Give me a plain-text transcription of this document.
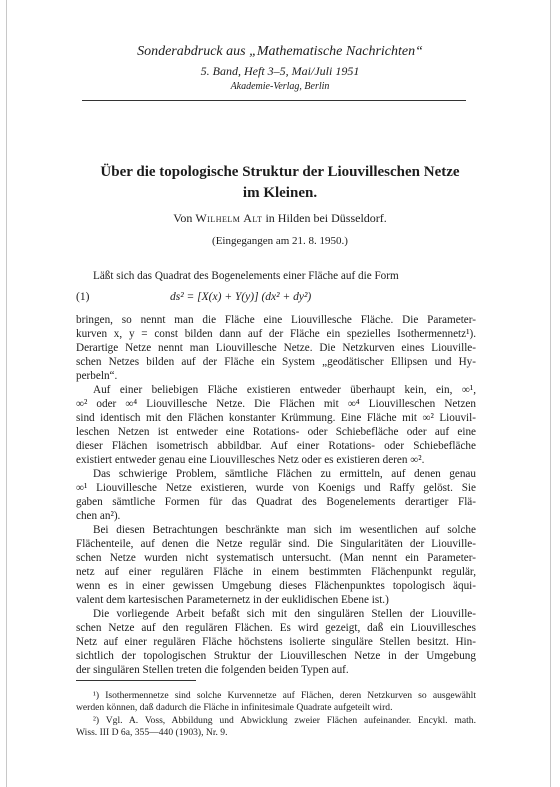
Sonderabdruck aus „Mathematische Nachrichten“
5. Band, Heft 3–5, Mai/Juli 1951
Akademie-Verlag, Berlin
Über die topologische Struktur der Liouvilleschen Netze
im Kleinen.
Von Wilhelm Alt in Hilden bei Düsseldorf.
(Eingegangen am 21. 8. 1950.)
Läßt sich das Quadrat des Bogenelements einer Fläche auf die Form
(1)	ds² = [X(x) + Y(y)] (dx² + dy²)
bringen, so nennt man die Fläche eine Liouvillesche Fläche. Die Parameter-
kurven x, y = const bilden dann auf der Fläche ein spezielles Isothermennetz¹).
Derartige Netze nennt man Liouvillesche Netze. Die Netzkurven eines Liouville-
schen Netzes bilden auf der Fläche ein System „geodätischer Ellipsen und Hy-
perbeln“.
Auf einer beliebigen Fläche existieren entweder überhaupt kein, ein, ∞¹,
∞² oder ∞⁴ Liouvillesche Netze. Die Flächen mit ∞⁴ Liouvilleschen Netzen
sind identisch mit den Flächen konstanter Krümmung. Eine Fläche mit ∞² Liouvil-
leschen Netzen ist entweder eine Rotations- oder Schiebefläche oder auf eine
dieser Flächen isometrisch abbildbar. Auf einer Rotations- oder Schiebefläche
existiert entweder genau eine Liouvillesches Netz oder es existieren deren ∞².
Das schwierige Problem, sämtliche Flächen zu ermitteln, auf denen genau
∞¹ Liouvillesche Netze existieren, wurde von Koenigs und Raffy gelöst. Sie
gaben sämtliche Formen für das Quadrat des Bogenelements derartiger Flä-
chen an²).
Bei diesen Betrachtungen beschränkte man sich im wesentlichen auf solche
Flächenteile, auf denen die Netze regulär sind. Die Singularitäten der Liouville-
schen Netze wurden nicht systematisch untersucht. (Man nennt ein Parameter-
netz auf einer regulären Fläche in einem bestimmten Flächenpunkt regulär,
wenn es in einer gewissen Umgebung dieses Flächenpunktes topologisch äqui-
valent dem kartesischen Parameternetz in der euklidischen Ebene ist.)
Die vorliegende Arbeit befaßt sich mit den singulären Stellen der Liouville-
schen Netze auf den regulären Flächen. Es wird gezeigt, daß ein Liouvillesches
Netz auf einer regulären Fläche höchstens isolierte singuläre Stellen besitzt. Hin-
sichtlich der topologischen Struktur der Liouvilleschen Netze in der Umgebung
der singulären Stellen treten die folgenden beiden Typen auf.
¹) Isothermennetze sind solche Kurvennetze auf Flächen, deren Netzkurven so ausgewählt
werden können, daß dadurch die Fläche in infinitesimale Quadrate aufgeteilt wird.
²) Vgl. A. Voss, Abbildung und Abwicklung zweier Flächen aufeinander. Encykl. math.
Wiss. III D 6a, 355—440 (1903), Nr. 9.
